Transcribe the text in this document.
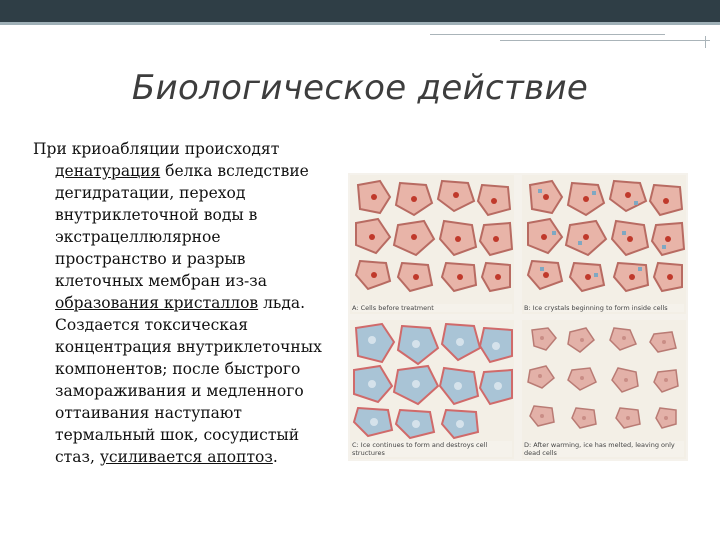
Биологическое действие
При криоабляции происходят
денатурация белка вследствие дегидратации, переход внутриклеточной воды в экстрацеллюлярное пространство и разрыв клеточных мембран из-за образования кристаллов льда. Создается токсическая концентрация внутриклеточных компонентов; после быстрого замораживания и медленного оттаивания наступают термальный шок, сосудистый стаз, усиливается апоптоз.
A: Cells before treatment	B: Ice crystals beginning to form inside cells
C: Ice continues to form and destroys cell structures
D: After warming, ice has melted, leaving only dead cells
